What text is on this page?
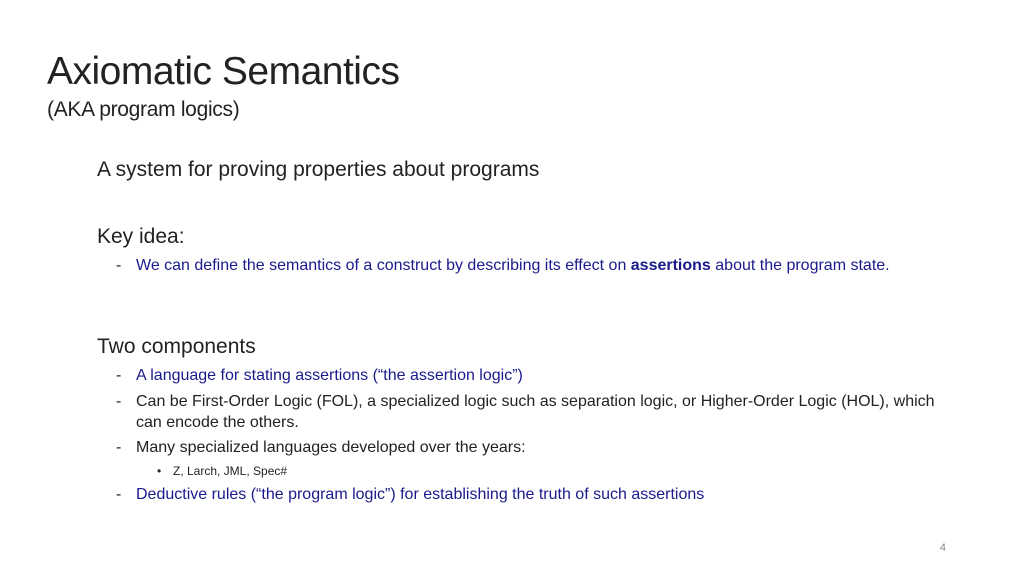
Axiomatic Semantics
(AKA program logics)
A system for proving properties about programs
Key idea:
- We can define the semantics of a construct by describing its effect on assertions about the program state.
Two components
- A language for stating assertions (“the assertion logic”)
- Can be First-Order Logic (FOL), a specialized logic such as separation logic, or Higher-Order Logic (HOL), which can encode the others.
- Many specialized languages developed over the years:
• Z, Larch, JML, Spec#
- Deductive rules (“the program logic”) for establishing the truth of such assertions
4
